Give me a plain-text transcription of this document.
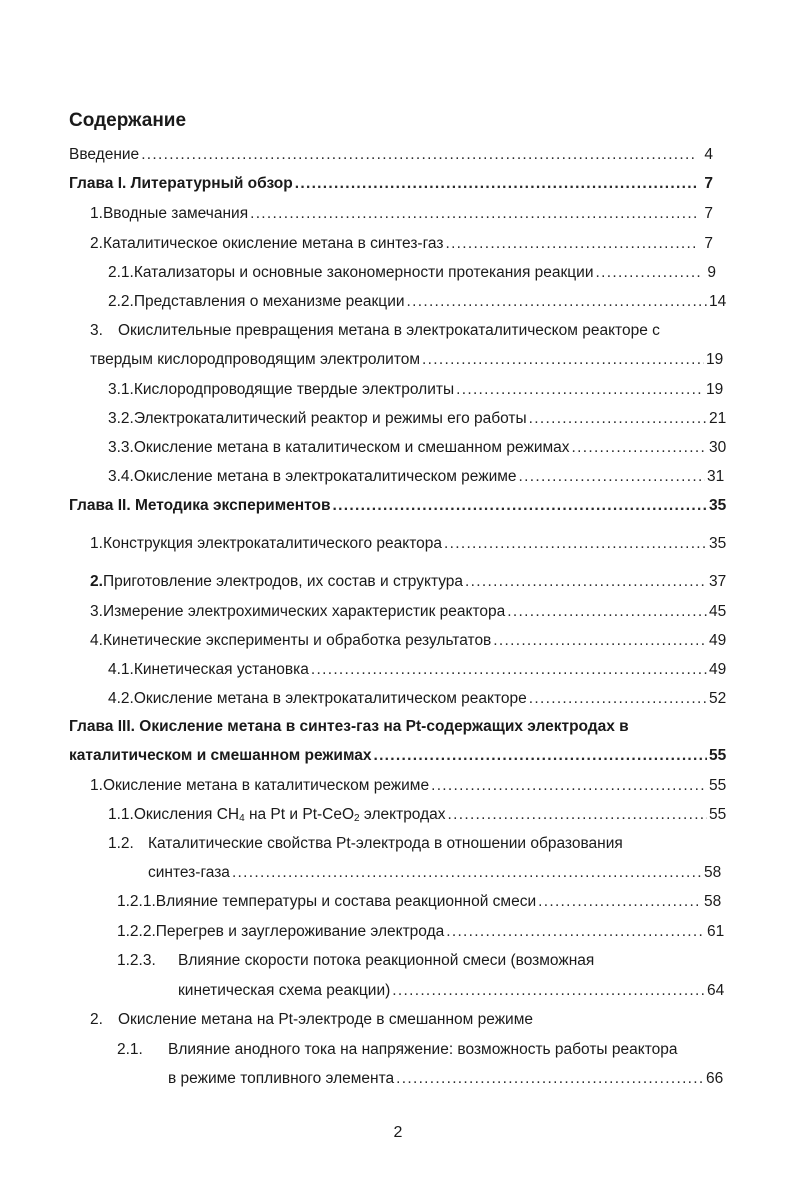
Содержание
Введение .....	4
Глава I. Литературный обзор .....	7
1. Вводные замечания .....	7
2. Каталитическое окисление метана в синтез-газ .....	7
2.1. Катализаторы и основные закономерности протекания реакции .....	9
2.2. Представления о механизме реакции .....	14
3. Окислительные превращения метана в электрокаталитическом реакторе с
твердым кислородпроводящим электролитом .....	19
3.1. Кислородпроводящие твердые электролиты .....	19
3.2. Электрокаталитический реактор и режимы его работы .....	21
3.3. Окисление метана в каталитическом и смешанном режимах .....	30
3.4. Окисление метана в электрокаталитическом режиме .....	31
Глава II. Методика экспериментов .....	35
1. Конструкция электрокаталитического реактора .....	35
2. Приготовление электродов, их состав и структура .....	37
3. Измерение электрохимических характеристик реактора .....	45
4. Кинетические эксперименты и обработка результатов .....	49
4.1. Кинетическая установка .....	49
4.2. Окисление метана в электрокаталитическом реакторе .....	52
Глава III. Окисление метана в синтез-газ на Pt-содержащих электродах в
каталитическом и смешанном режимах .....	55
1. Окисление метана в каталитическом режиме .....	55
1.1. Окисления $CH_4$ на Pt и Pt-CeO$_2$ электродах .....	55
1.2. Каталитические свойства Pt-электрода в отношении образования
синтез-газа .....	58
1.2.1. Влияние температуры и состава реакционной смеси .....	58
1.2.2. Перегрев и зауглероживание электрода .....	61
1.2.3.	Влияние скорости потока реакционной смеси (возможная
кинетическая схема реакции) .....	64
2. Окисление метана на Pt-электроде в смешанном режиме
2.1.	Влияние анодного тока на напряжение: возможность работы реактора
в режиме топливного элемента .....	66
2
